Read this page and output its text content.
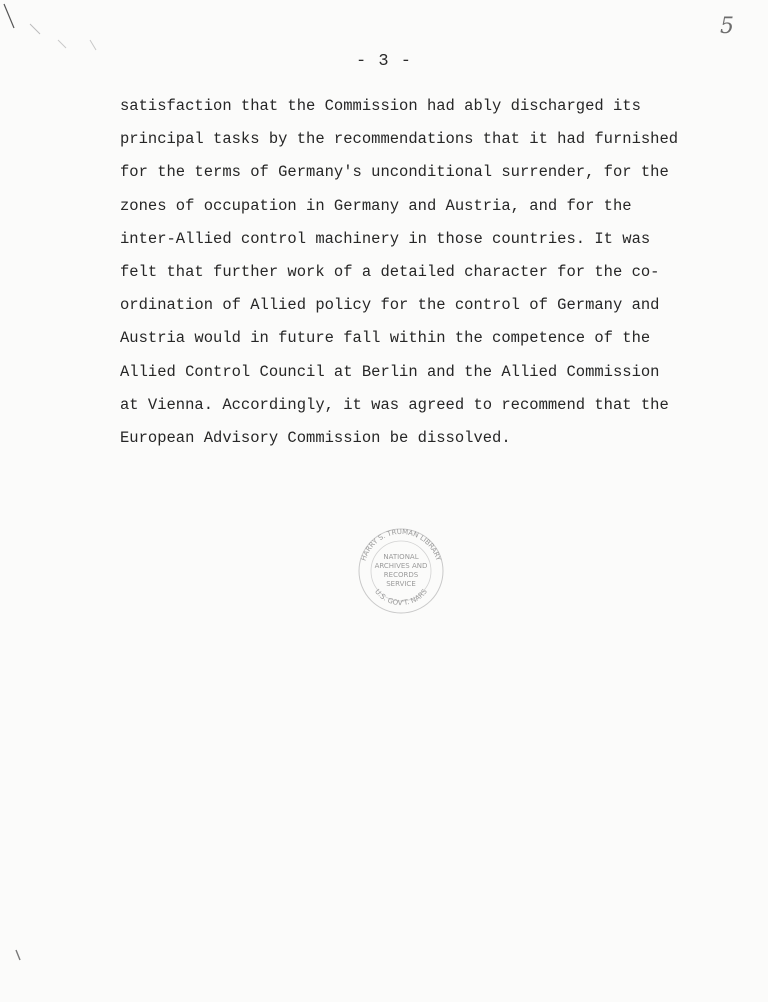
5
- 3 -
satisfaction that the Commission had ably discharged its
principal tasks by the recommendations that it had furnished
for the terms of Germany's unconditional surrender, for the
zones of occupation in Germany and Austria, and for the
inter-Allied control machinery in those countries. It was
felt that further work of a detailed character for the co-
ordination of Allied policy for the control of Germany and
Austria would in future fall within the competence of the
Allied Control Council at Berlin and the Allied Commission
at Vienna. Accordingly, it was agreed to recommend that the
European Advisory Commission be dissolved.
HARRY S. TRUMAN LIBRARY
U.S. GOV'T. NARS
NATIONAL
ARCHIVES AND
RECORDS
SERVICE
